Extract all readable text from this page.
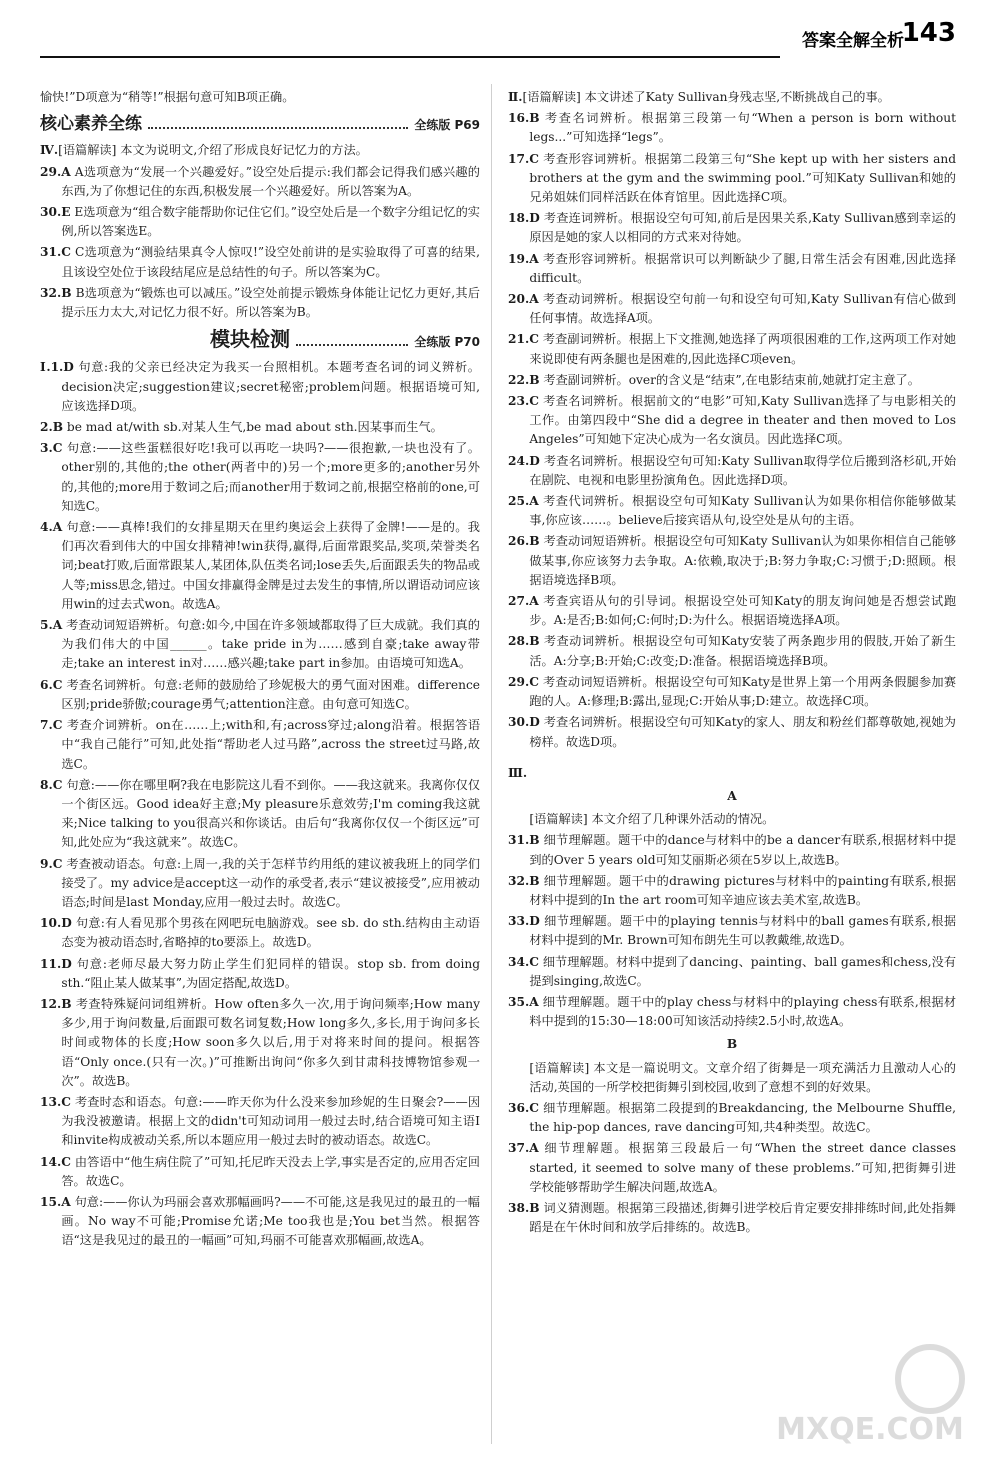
答案全解全析
143

愉快!”D项意为“稍等!”根据句意可知B项正确。

核心素养全练	全练版 P69

Ⅳ.[语篇解读] 本文为说明文,介绍了形成良好记忆力的方法。

29.A A选项意为“发展一个兴趣爱好。”设空处后提示:我们都会记得我们感兴趣的东西,为了你想记住的东西,积极发展一个兴趣爱好。所以答案为A。

30.E E选项意为“组合数字能帮助你记住它们。”设空处后是一个数字分组记忆的实例,所以答案选E。

31.C C选项意为“测验结果真令人惊叹!”设空处前讲的是实验取得了可喜的结果,且该设空处位于该段结尾应是总结性的句子。所以答案为C。

32.B B选项意为“锻炼也可以减压。”设空处前提示锻炼身体能让记忆力更好,其后提示压力太大,对记忆力很不好。所以答案为B。

模块检测	全练版 P70

Ⅰ.1.D 句意:我的父亲已经决定为我买一台照相机。本题考查名词的词义辨析。decision决定;suggestion建议;secret秘密;problem问题。根据语境可知,应该选择D项。

2.B be mad at/with sb.对某人生气,be mad about sth.因某事而生气。

3.C 句意:——这些蛋糕很好吃!我可以再吃一块吗?——很抱歉,一块也没有了。other别的,其他的;the other(两者中的)另一个;more更多的;another另外的,其他的;more用于数词之后;而another用于数词之前,根据空格前的one,可知选C。

4.A 句意:——真棒!我们的女排星期天在里约奥运会上获得了金牌!——是的。我们再次看到伟大的中国女排精神!win获得,赢得,后面常跟奖品,奖项,荣誉类名词;beat打败,后面常跟某人,某团体,队伍类名词;lose丢失,后面跟丢失的物品或人等;miss思念,错过。中国女排赢得金牌是过去发生的事情,所以谓语动词应该用win的过去式won。故选A。

5.A 考查动词短语辨析。句意:如今,中国在许多领域都取得了巨大成就。我们真的为我们伟大的中国______。take pride in为……感到自豪;take away带走;take an interest in对……感兴趣;take part in参加。由语境可知选A。

6.C 考查名词辨析。句意:老师的鼓励给了珍妮极大的勇气面对困难。difference区别;pride骄傲;courage勇气;attention注意。由句意可知选C。

7.C 考查介词辨析。on在……上;with和,有;across穿过;along沿着。根据答语中“我自己能行”可知,此处指“帮助老人过马路”,across the street过马路,故选C。

8.C 句意:——你在哪里啊?我在电影院这儿看不到你。——我这就来。我离你仅仅一个街区远。Good idea好主意;My pleasure乐意效劳;I'm coming我这就来;Nice talking to you很高兴和你谈话。由后句“我离你仅仅一个街区远”可知,此处应为“我这就来”。故选C。

9.C 考查被动语态。句意:上周一,我的关于怎样节约用纸的建议被我班上的同学们接受了。my advice是accept这一动作的承受者,表示“建议被接受”,应用被动语态;时间是last Monday,应用一般过去时。故选C。

10.D 句意:有人看见那个男孩在网吧玩电脑游戏。see sb. do sth.结构由主动语态变为被动语态时,省略掉的to要添上。故选D。

11.D 句意:老师尽最大努力防止学生们犯同样的错误。stop sb. from doing sth.“阻止某人做某事”,为固定搭配,故选D。

12.B 考查特殊疑问词组辨析。How often多久一次,用于询问频率;How many多少,用于询问数量,后面跟可数名词复数;How long多久,多长,用于询问多长时间或物体的长度;How soon多久以后,用于对将来时间的提问。根据答语“Only once.(只有一次。)”可推断出询问“你多久到甘肃科技博物馆参观一次”。故选B。

13.C 考查时态和语态。句意:——昨天你为什么没来参加珍妮的生日聚会?——因为我没被邀请。根据上文的didn't可知动词用一般过去时,结合语境可知主语I和invite构成被动关系,所以本题应用一般过去时的被动语态。故选C。

14.C 由答语中“他生病住院了”可知,托尼昨天没去上学,事实是否定的,应用否定回答。故选C。

15.A 句意:——你认为玛丽会喜欢那幅画吗?——不可能,这是我见过的最丑的一幅画。No way不可能;Promise允诺;Me too我也是;You bet当然。根据答语“这是我见过的最丑的一幅画”可知,玛丽不可能喜欢那幅画,故选A。

Ⅱ.[语篇解读] 本文讲述了Katy Sullivan身残志坚,不断挑战自己的事。

16.B 考查名词辨析。根据第三段第一句“When a person is born without legs...”可知选择“legs”。

17.C 考查形容词辨析。根据第二段第三句“She kept up with her sisters and brothers at the gym and the swimming pool.”可知Katy Sullivan和她的兄弟姐妹们同样活跃在体育馆里。因此选择C项。

18.D 考查连词辨析。根据设空句可知,前后是因果关系,Katy Sullivan感到幸运的原因是她的家人以相同的方式来对待她。

19.A 考查形容词辨析。根据常识可以判断缺少了腿,日常生活会有困难,因此选择difficult。

20.A 考查动词辨析。根据设空句前一句和设空句可知,Katy Sullivan有信心做到任何事情。故选择A项。

21.C 考查副词辨析。根据上下文推测,她选择了两项很困难的工作,这两项工作对她来说即使有两条腿也是困难的,因此选择C项even。

22.B 考查副词辨析。over的含义是“结束”,在电影结束前,她就打定主意了。

23.C 考查名词辨析。根据前文的“电影”可知,Katy Sullivan选择了与电影相关的工作。由第四段中“She did a degree in theater and then moved to Los Angeles”可知她下定决心成为一名女演员。因此选择C项。

24.D 考查名词辨析。根据设空句可知:Katy Sullivan取得学位后搬到洛杉矶,开始在剧院、电视和电影里扮演角色。因此选择D项。

25.A 考查代词辨析。根据设空句可知Katy Sullivan认为如果你相信你能够做某事,你应该……。believe后接宾语从句,设空处是从句的主语。

26.B 考查动词短语辨析。根据设空句可知Katy Sullivan认为如果你相信自己能够做某事,你应该努力去争取。A:依赖,取决于;B:努力争取;C:习惯于;D:照顾。根据语境选择B项。

27.A 考查宾语从句的引导词。根据设空处可知Katy的朋友询问她是否想尝试跑步。A:是否;B:如何;C:何时;D:为什么。根据语境选择A项。

28.B 考查动词辨析。根据设空句可知Katy安装了两条跑步用的假肢,开始了新生活。A:分享;B:开始;C:改变;D:准备。根据语境选择B项。

29.C 考查动词短语辨析。根据设空句可知Katy是世界上第一个用两条假腿参加赛跑的人。A:修理;B:露出,显现;C:开始从事;D:建立。故选择C项。

30.D 考查名词辨析。根据设空句可知Katy的家人、朋友和粉丝们都尊敬她,视她为榜样。故选D项。

Ⅲ.

A

[语篇解读] 本文介绍了几种课外活动的情况。

31.B 细节理解题。题干中的dance与材料中的be a dancer有联系,根据材料中提到的Over 5 years old可知艾丽斯必须在5岁以上,故选B。

32.B 细节理解题。题干中的drawing pictures与材料中的painting有联系,根据材料中提到的In the art room可知辛迪应该去美术室,故选B。

33.D 细节理解题。题干中的playing tennis与材料中的ball games有联系,根据材料中提到的Mr. Brown可知布朗先生可以教戴维,故选D。

34.C 细节理解题。材料中提到了dancing、painting、ball games和chess,没有提到singing,故选C。

35.A 细节理解题。题干中的play chess与材料中的playing chess有联系,根据材料中提到的15:30—18:00可知该活动持续2.5小时,故选A。

B

[语篇解读] 本文是一篇说明文。文章介绍了街舞是一项充满活力且激动人心的活动,英国的一所学校把街舞引到校园,收到了意想不到的好效果。

36.C 细节理解题。根据第二段提到的Breakdancing, the Melbourne Shuffle, the hip-pop dances, rave dancing可知,共4种类型。故选C。

37.A 细节理解题。根据第三段最后一句“When the street dance classes started, it seemed to solve many of these problems.”可知,把街舞引进学校能够帮助学生解决问题,故选A。

38.B 词义猜测题。根据第三段描述,街舞引进学校后肯定要安排排练时间,此处指舞蹈是在午休时间和放学后排练的。故选B。

MXQE.COM
